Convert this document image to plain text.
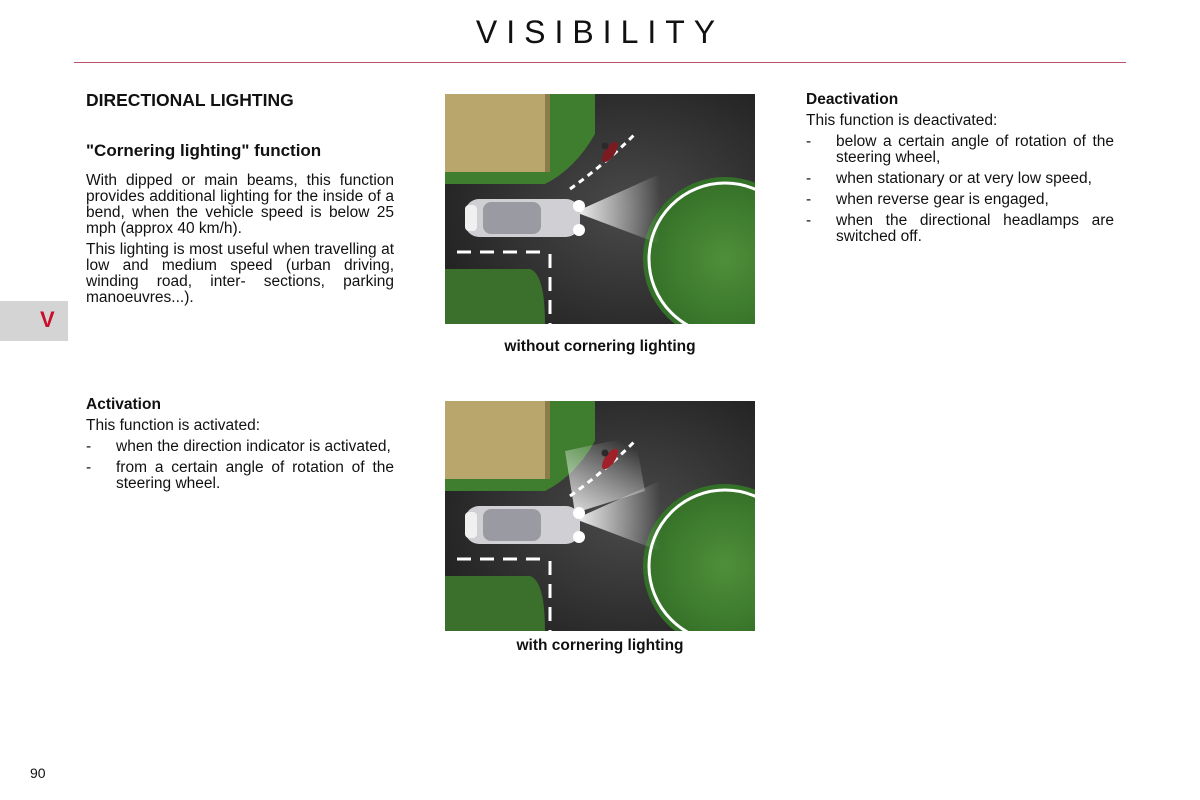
VISIBILITY
V
DIRECTIONAL LIGHTING
"Cornering lighting" function

With dipped or main beams, this function provides additional lighting for the inside of a bend, when the vehicle speed is below 25 mph (approx 40 km/h).

This lighting is most useful when travelling at low and medium speed (urban driving, winding road, inter- sections, parking manoeuvres...).

Activation

This function is activated:

- when the direction indicator is activated,
- from a certain angle of rotation of the steering wheel.
Deactivation

This function is deactivated:

- below a certain angle of rotation of the steering wheel,
- when stationary or at very low speed,
- when reverse gear is engaged,
- when the directional headlamps are switched off.
without cornering lighting
with cornering lighting
90
